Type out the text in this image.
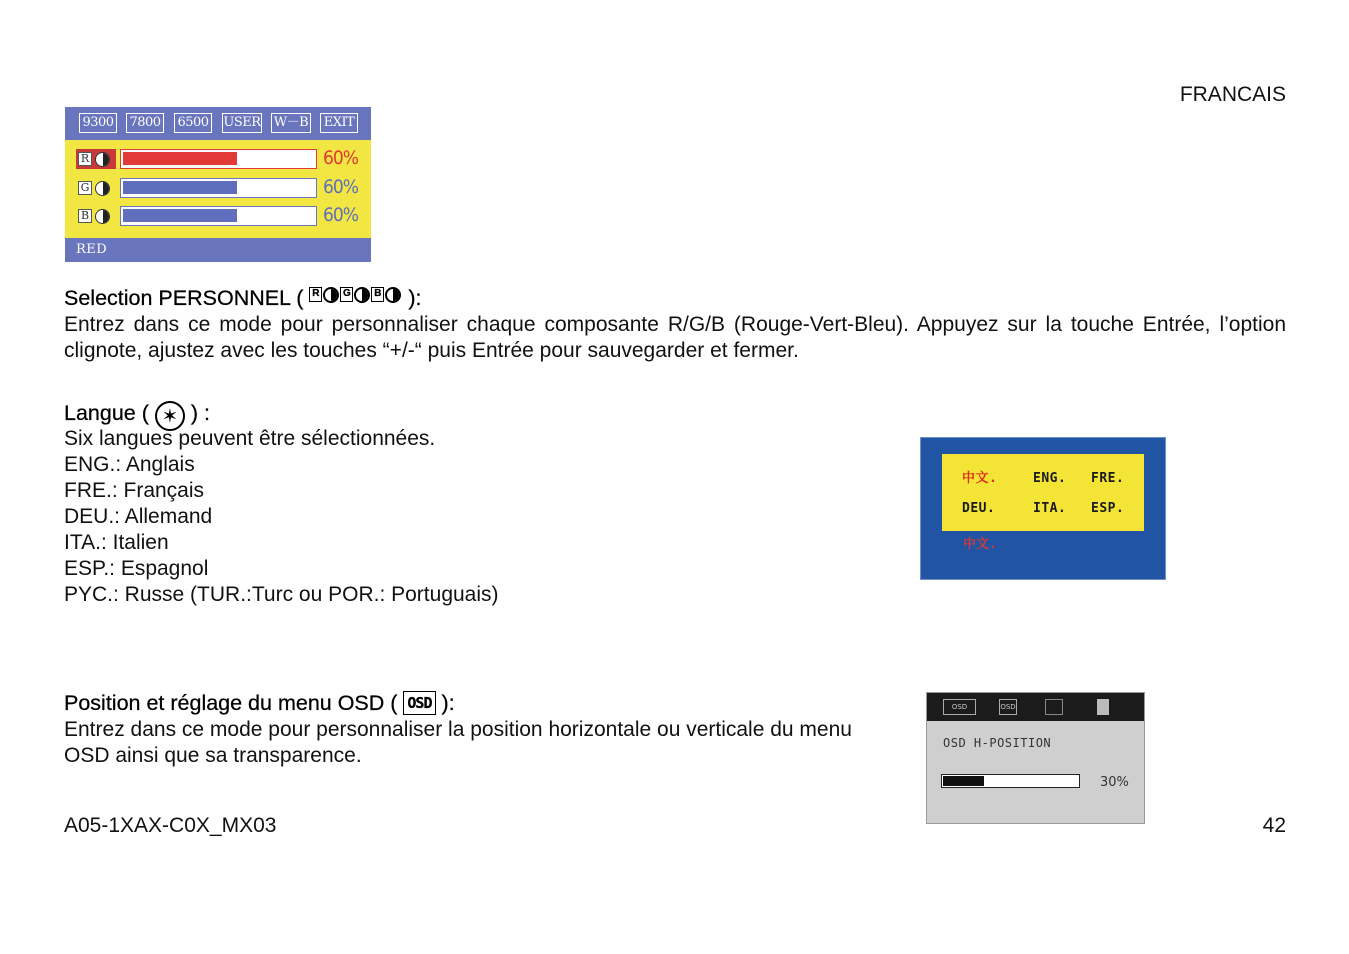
FRANCAIS
9300 7800 6500 USER W－B EXIT
R	60%
G	60%
B	60%
RED
Selection PERSONNEL ( R G B ):
Entrez dans ce mode pour personnaliser chaque composante R/G/B (Rouge-Vert-Bleu). Appuyez sur la touche Entrée, l’option clignote, ajustez avec les touches “+/-“ puis Entrée pour sauvegarder et fermer.
Langue ( ✶ ) :
Six langues peuvent être sélectionnées.
ENG.: Anglais
FRE.: Français
DEU.: Allemand
ITA.: Italien
ESP.: Espagnol
PYC.: Russe (TUR.:Turc ou POR.: Portuguais)
中文.	ENG. FRE.
DEU.	ITA. ESP.
中文.
Position et réglage du menu OSD ( OSD ):
Entrez dans ce mode pour personnaliser la position horizontale ou verticale du menu OSD ainsi que sa transparence.
OSD	OSD
OSD H-POSITION
30%
A05-1XAX-C0X_MX03	42
